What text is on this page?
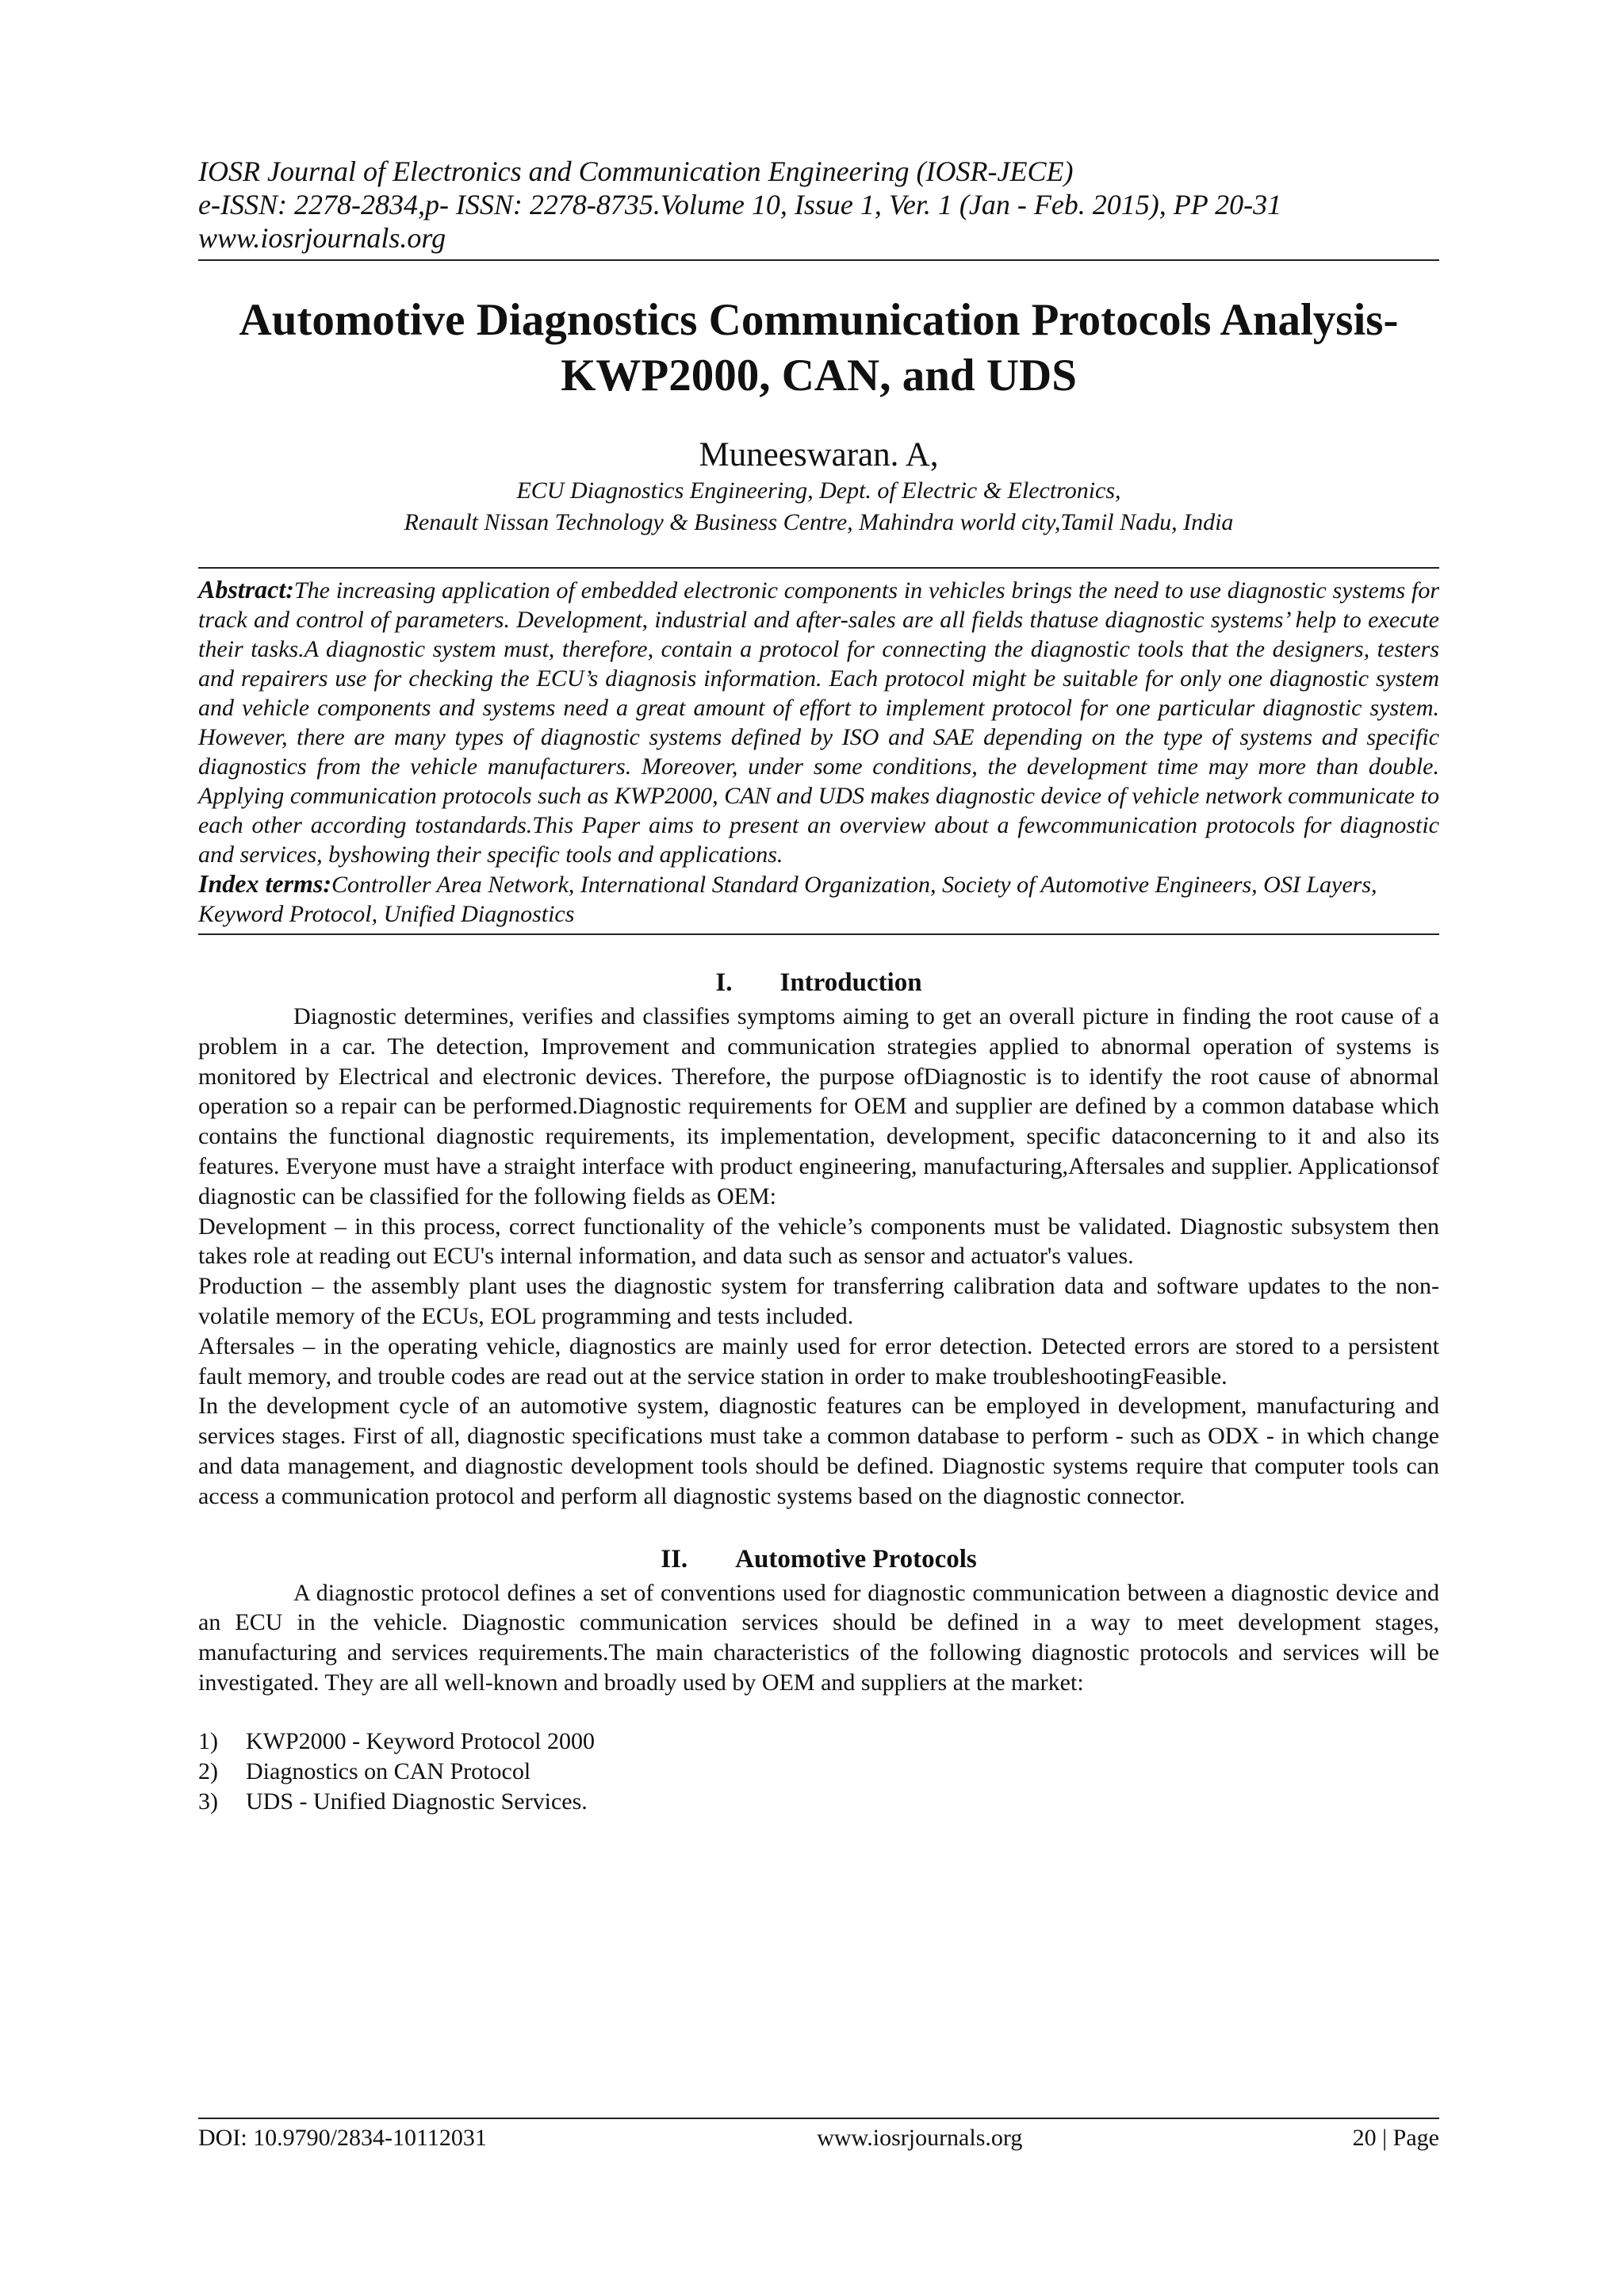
IOSR Journal of Electronics and Communication Engineering (IOSR-JECE)
e-ISSN: 2278-2834,p- ISSN: 2278-8735.Volume 10, Issue 1, Ver. 1 (Jan - Feb. 2015), PP 20-31
www.iosrjournals.org
Automotive Diagnostics Communication Protocols Analysis-
KWP2000, CAN, and UDS
Muneeswaran. A,
ECU Diagnostics Engineering, Dept. of Electric & Electronics,
Renault Nissan Technology & Business Centre, Mahindra world city,Tamil Nadu, India
Abstract:The increasing application of embedded electronic components in vehicles brings the need to use diagnostic systems for track and control of parameters. Development, industrial and after-sales are all fields thatuse diagnostic systems’ help to execute their tasks.A diagnostic system must, therefore, contain a protocol for connecting the diagnostic tools that the designers, testers and repairers use for checking the ECU’s diagnosis information. Each protocol might be suitable for only one diagnostic system and vehicle components and systems need a great amount of effort to implement protocol for one particular diagnostic system. However, there are many types of diagnostic systems defined by ISO and SAE depending on the type of systems and specific diagnostics from the vehicle manufacturers. Moreover, under some conditions, the development time may more than double. Applying communication protocols such as KWP2000, CAN and UDS makes diagnostic device of vehicle network communicate to each other according tostandards.This Paper aims to present an overview about a fewcommunication protocols for diagnostic and services, byshowing their specific tools and applications.
Index terms:Controller Area Network, International Standard Organization, Society of Automotive Engineers, OSI Layers, Keyword Protocol, Unified Diagnostics
I. Introduction

Diagnostic determines, verifies and classifies symptoms aiming to get an overall picture in finding the root cause of a problem in a car. The detection, Improvement and communication strategies applied to abnormal operation of systems is monitored by Electrical and electronic devices. Therefore, the purpose ofDiagnostic is to identify the root cause of abnormal operation so a repair can be performed.Diagnostic requirements for OEM and supplier are defined by a common database which contains the functional diagnostic requirements, its implementation, development, specific dataconcerning to it and also its features. Everyone must have a straight interface with product engineering, manufacturing,Aftersales and supplier. Applicationsof diagnostic can be classified for the following fields as OEM:

Development – in this process, correct functionality of the vehicle’s components must be validated. Diagnostic subsystem then takes role at reading out ECU's internal information, and data such as sensor and actuator's values.

Production – the assembly plant uses the diagnostic system for transferring calibration data and software updates to the non-volatile memory of the ECUs, EOL programming and tests included.

Aftersales – in the operating vehicle, diagnostics are mainly used for error detection. Detected errors are stored to a persistent fault memory, and trouble codes are read out at the service station in order to make troubleshootingFeasible.

In the development cycle of an automotive system, diagnostic features can be employed in development, manufacturing and services stages. First of all, diagnostic specifications must take a common database to perform - such as ODX - in which change and data management, and diagnostic development tools should be defined. Diagnostic systems require that computer tools can access a communication protocol and perform all diagnostic systems based on the diagnostic connector.

II. Automotive Protocols

A diagnostic protocol defines a set of conventions used for diagnostic communication between a diagnostic device and an ECU in the vehicle. Diagnostic communication services should be defined in a way to meet development stages, manufacturing and services requirements.The main characteristics of the following diagnostic protocols and services will be investigated. They are all well-known and broadly used by OEM and suppliers at the market:

1)	KWP2000 - Keyword Protocol 2000
2)	Diagnostics on CAN Protocol
3)	UDS - Unified Diagnostic Services.
DOI: 10.9790/2834-10112031	www.iosrjournals.org	20 | Page
